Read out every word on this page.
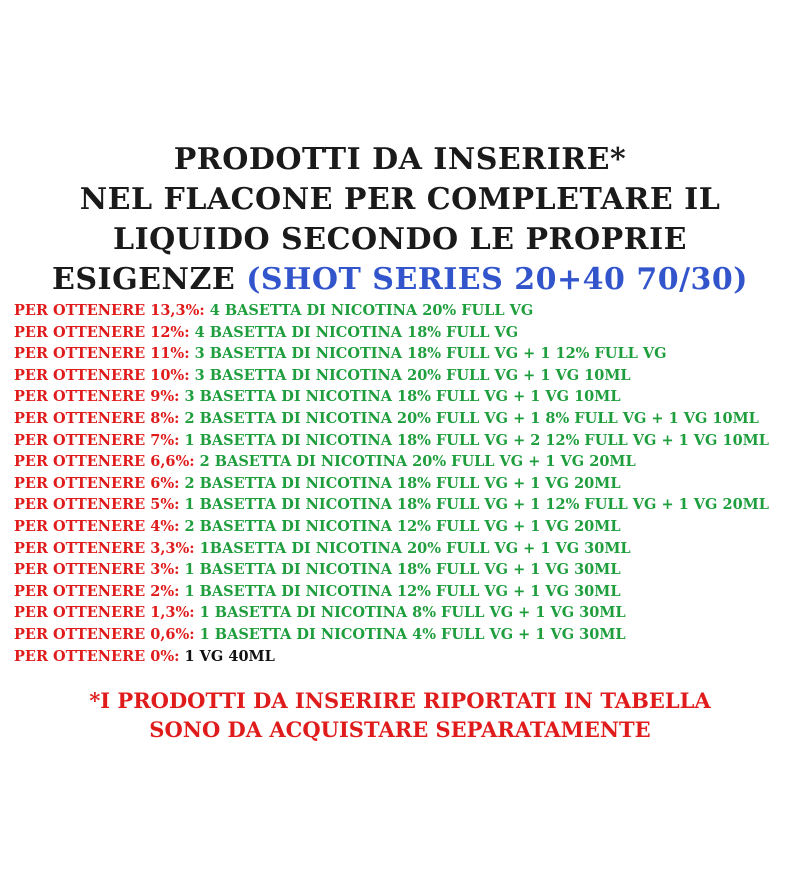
PRODOTTI DA INSERIRE*
NEL FLACONE PER COMPLETARE IL
LIQUIDO SECONDO LE PROPRIE
ESIGENZE (SHOT SERIES 20+40 70/30)
PER OTTENERE 13,3%: 4 BASETTA DI NICOTINA 20% FULL VG
PER OTTENERE 12%: 4 BASETTA DI NICOTINA 18% FULL VG
PER OTTENERE 11%: 3 BASETTA DI NICOTINA 18% FULL VG + 1 12% FULL VG
PER OTTENERE 10%: 3 BASETTA DI NICOTINA 20% FULL VG + 1 VG 10ML
PER OTTENERE 9%: 3 BASETTA DI NICOTINA 18% FULL VG + 1 VG 10ML
PER OTTENERE 8%: 2 BASETTA DI NICOTINA 20% FULL VG + 1 8% FULL VG + 1 VG 10ML
PER OTTENERE 7%: 1 BASETTA DI NICOTINA 18% FULL VG + 2 12% FULL VG + 1 VG 10ML
PER OTTENERE 6,6%: 2 BASETTA DI NICOTINA 20% FULL VG + 1 VG 20ML
PER OTTENERE 6%: 2 BASETTA DI NICOTINA 18% FULL VG + 1 VG 20ML
PER OTTENERE 5%: 1 BASETTA DI NICOTINA 18% FULL VG + 1 12% FULL VG + 1 VG 20ML
PER OTTENERE 4%: 2 BASETTA DI NICOTINA 12% FULL VG + 1 VG 20ML
PER OTTENERE 3,3%: 1BASETTA DI NICOTINA 20% FULL VG + 1 VG 30ML
PER OTTENERE 3%: 1 BASETTA DI NICOTINA 18% FULL VG + 1 VG 30ML
PER OTTENERE 2%: 1 BASETTA DI NICOTINA 12% FULL VG + 1 VG 30ML
PER OTTENERE 1,3%: 1 BASETTA DI NICOTINA 8% FULL VG + 1 VG 30ML
PER OTTENERE 0,6%: 1 BASETTA DI NICOTINA 4% FULL VG + 1 VG 30ML
PER OTTENERE 0%: 1 VG 40ML
*I PRODOTTI DA INSERIRE RIPORTATI IN TABELLA
SONO DA ACQUISTARE SEPARATAMENTE
